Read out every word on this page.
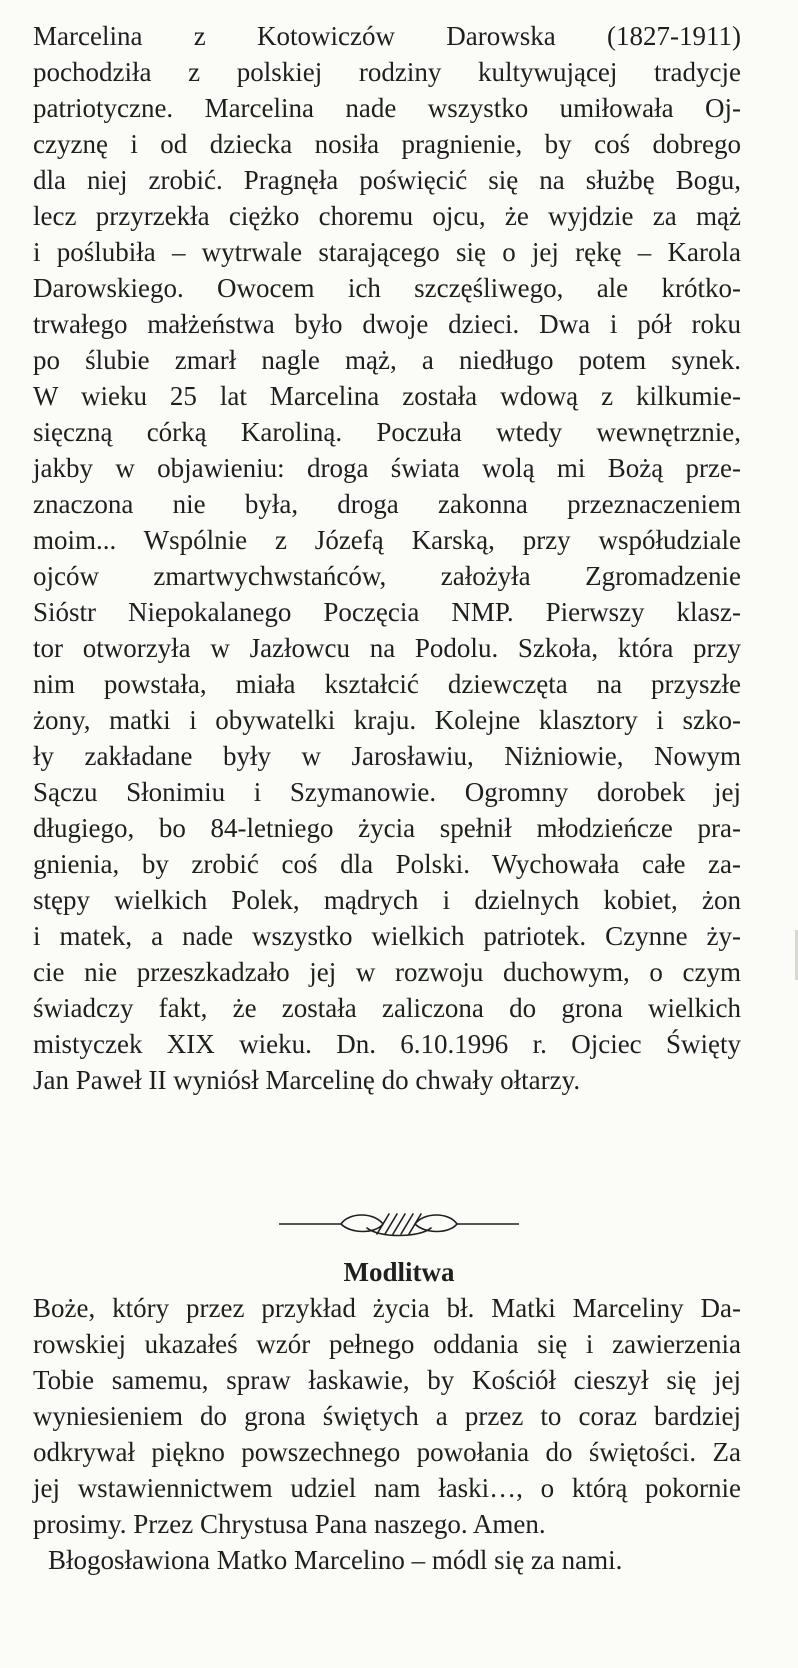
Marcelina z Kotowiczów Darowska (1827-1911)
pochodziła z polskiej rodziny kultywującej tradycje
patriotyczne. Marcelina nade wszystko umiłowała Oj-
czyznę i od dziecka nosiła pragnienie, by coś dobrego
dla niej zrobić. Pragnęła poświęcić się na służbę Bogu,
lecz przyrzekła ciężko choremu ojcu, że wyjdzie za mąż
i poślubiła – wytrwale starającego się o jej rękę – Karola
Darowskiego. Owocem ich szczęśliwego, ale krótko-
trwałego małżeństwa było dwoje dzieci. Dwa i pół roku
po ślubie zmarł nagle mąż, a niedługo potem synek.
W wieku 25 lat Marcelina została wdową z kilkumie-
sięczną córką Karoliną. Poczuła wtedy wewnętrznie,
jakby w objawieniu: droga świata wolą mi Bożą prze-
znaczona nie była, droga zakonna przeznaczeniem
moim... Wspólnie z Józefą Karską, przy współudziale
ojców zmartwychwstańców, założyła Zgromadzenie
Sióstr Niepokalanego Poczęcia NMP. Pierwszy klasz-
tor otworzyła w Jazłowcu na Podolu. Szkoła, która przy
nim powstała, miała kształcić dziewczęta na przyszłe
żony, matki i obywatelki kraju. Kolejne klasztory i szko-
ły zakładane były w Jarosławiu, Niżniowie, Nowym
Sączu Słonimiu i Szymanowie. Ogromny dorobek jej
długiego, bo 84-letniego życia spełnił młodzieńcze pra-
gnienia, by zrobić coś dla Polski. Wychowała całe za-
stępy wielkich Polek, mądrych i dzielnych kobiet, żon
i matek, a nade wszystko wielkich patriotek. Czynne ży-
cie nie przeszkadzało jej w rozwoju duchowym, o czym
świadczy fakt, że została zaliczona do grona wielkich
mistyczek XIX wieku. Dn. 6.10.1996 r. Ojciec Święty
Jan Paweł II wyniósł Marcelinę do chwały ołtarzy.
Modlitwa
Boże, który przez przykład życia bł. Matki Marceliny Da-
rowskiej ukazałeś wzór pełnego oddania się i zawierzenia
Tobie samemu, spraw łaskawie, by Kościół cieszył się jej
wyniesieniem do grona świętych a przez to coraz bardziej
odkrywał piękno powszechnego powołania do świętości. Za
jej wstawiennictwem udziel nam łaski…, o którą pokornie
prosimy. Przez Chrystusa Pana naszego. Amen.
Błogosławiona Matko Marcelino – módl się za nami.
